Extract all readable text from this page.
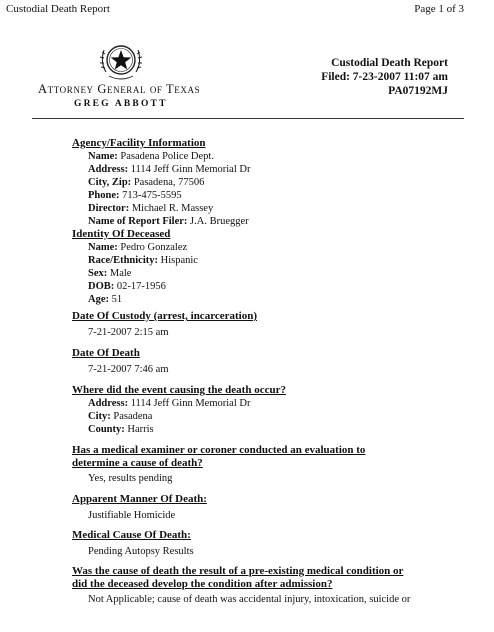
Custodial Death Report	Page 1 of 3
Attorney General of Texas
GREG ABBOTT
Custodial Death Report
Filed: 7-23-2007 11:07 am
PA07192MJ
Agency/Facility Information
Name: Pasadena Police Dept.
Address: 1114 Jeff Ginn Memorial Dr
City, Zip: Pasadena, 77506
Phone: 713-475-5595
Director: Michael R. Massey
Name of Report Filer: J.A. Bruegger
Identity Of Deceased
Name: Pedro Gonzalez
Race/Ethnicity: Hispanic
Sex: Male
DOB: 02-17-1956
Age: 51
Date Of Custody (arrest, incarceration)
7-21-2007 2:15 am
Date Of Death
7-21-2007 7:46 am
Where did the event causing the death occur?
Address: 1114 Jeff Ginn Memorial Dr
City: Pasadena
County: Harris
Has a medical examiner or coroner conducted an evaluation to
determine a cause of death?
Yes, results pending
Apparent Manner Of Death:
Justifiable Homicide
Medical Cause Of Death:
Pending Autopsy Results
Was the cause of death the result of a pre-existing medical condition or
did the deceased develop the condition after admission?
Not Applicable; cause of death was accidental injury, intoxication, suicide or
